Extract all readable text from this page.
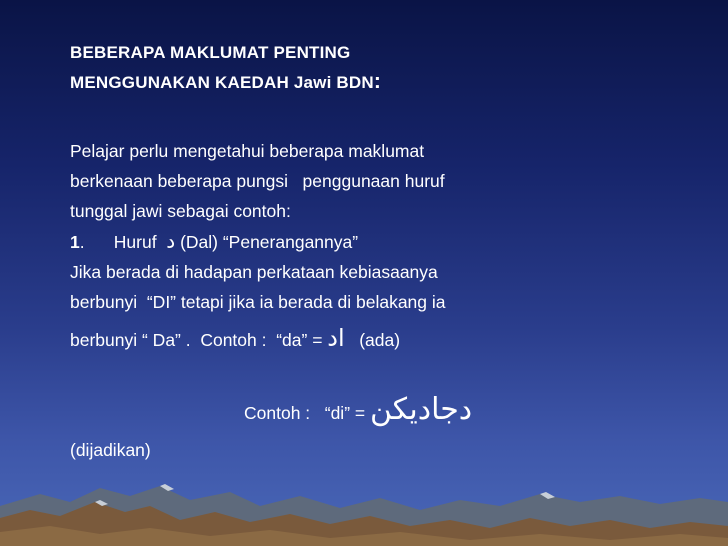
BEBERAPA MAKLUMAT PENTING
MENGGUNAKAN KAEDAH Jawi BDN:
Pelajar perlu mengetahui beberapa maklumat
berkenaan beberapa pungsi   penggunaan huruf
tunggal jawi sebagai contoh:
1.      Huruf  د (Dal) “Penerangannya”
Jika berada di hadapan perkataan kebiasaanya
berbunyi  “DI” tetapi jika ia berada di belakang ia
berbunyi “ Da” .  Contoh :  “da” = اد   (ada)
Contoh :   “di” = دجاديكن
(dijadikan)
